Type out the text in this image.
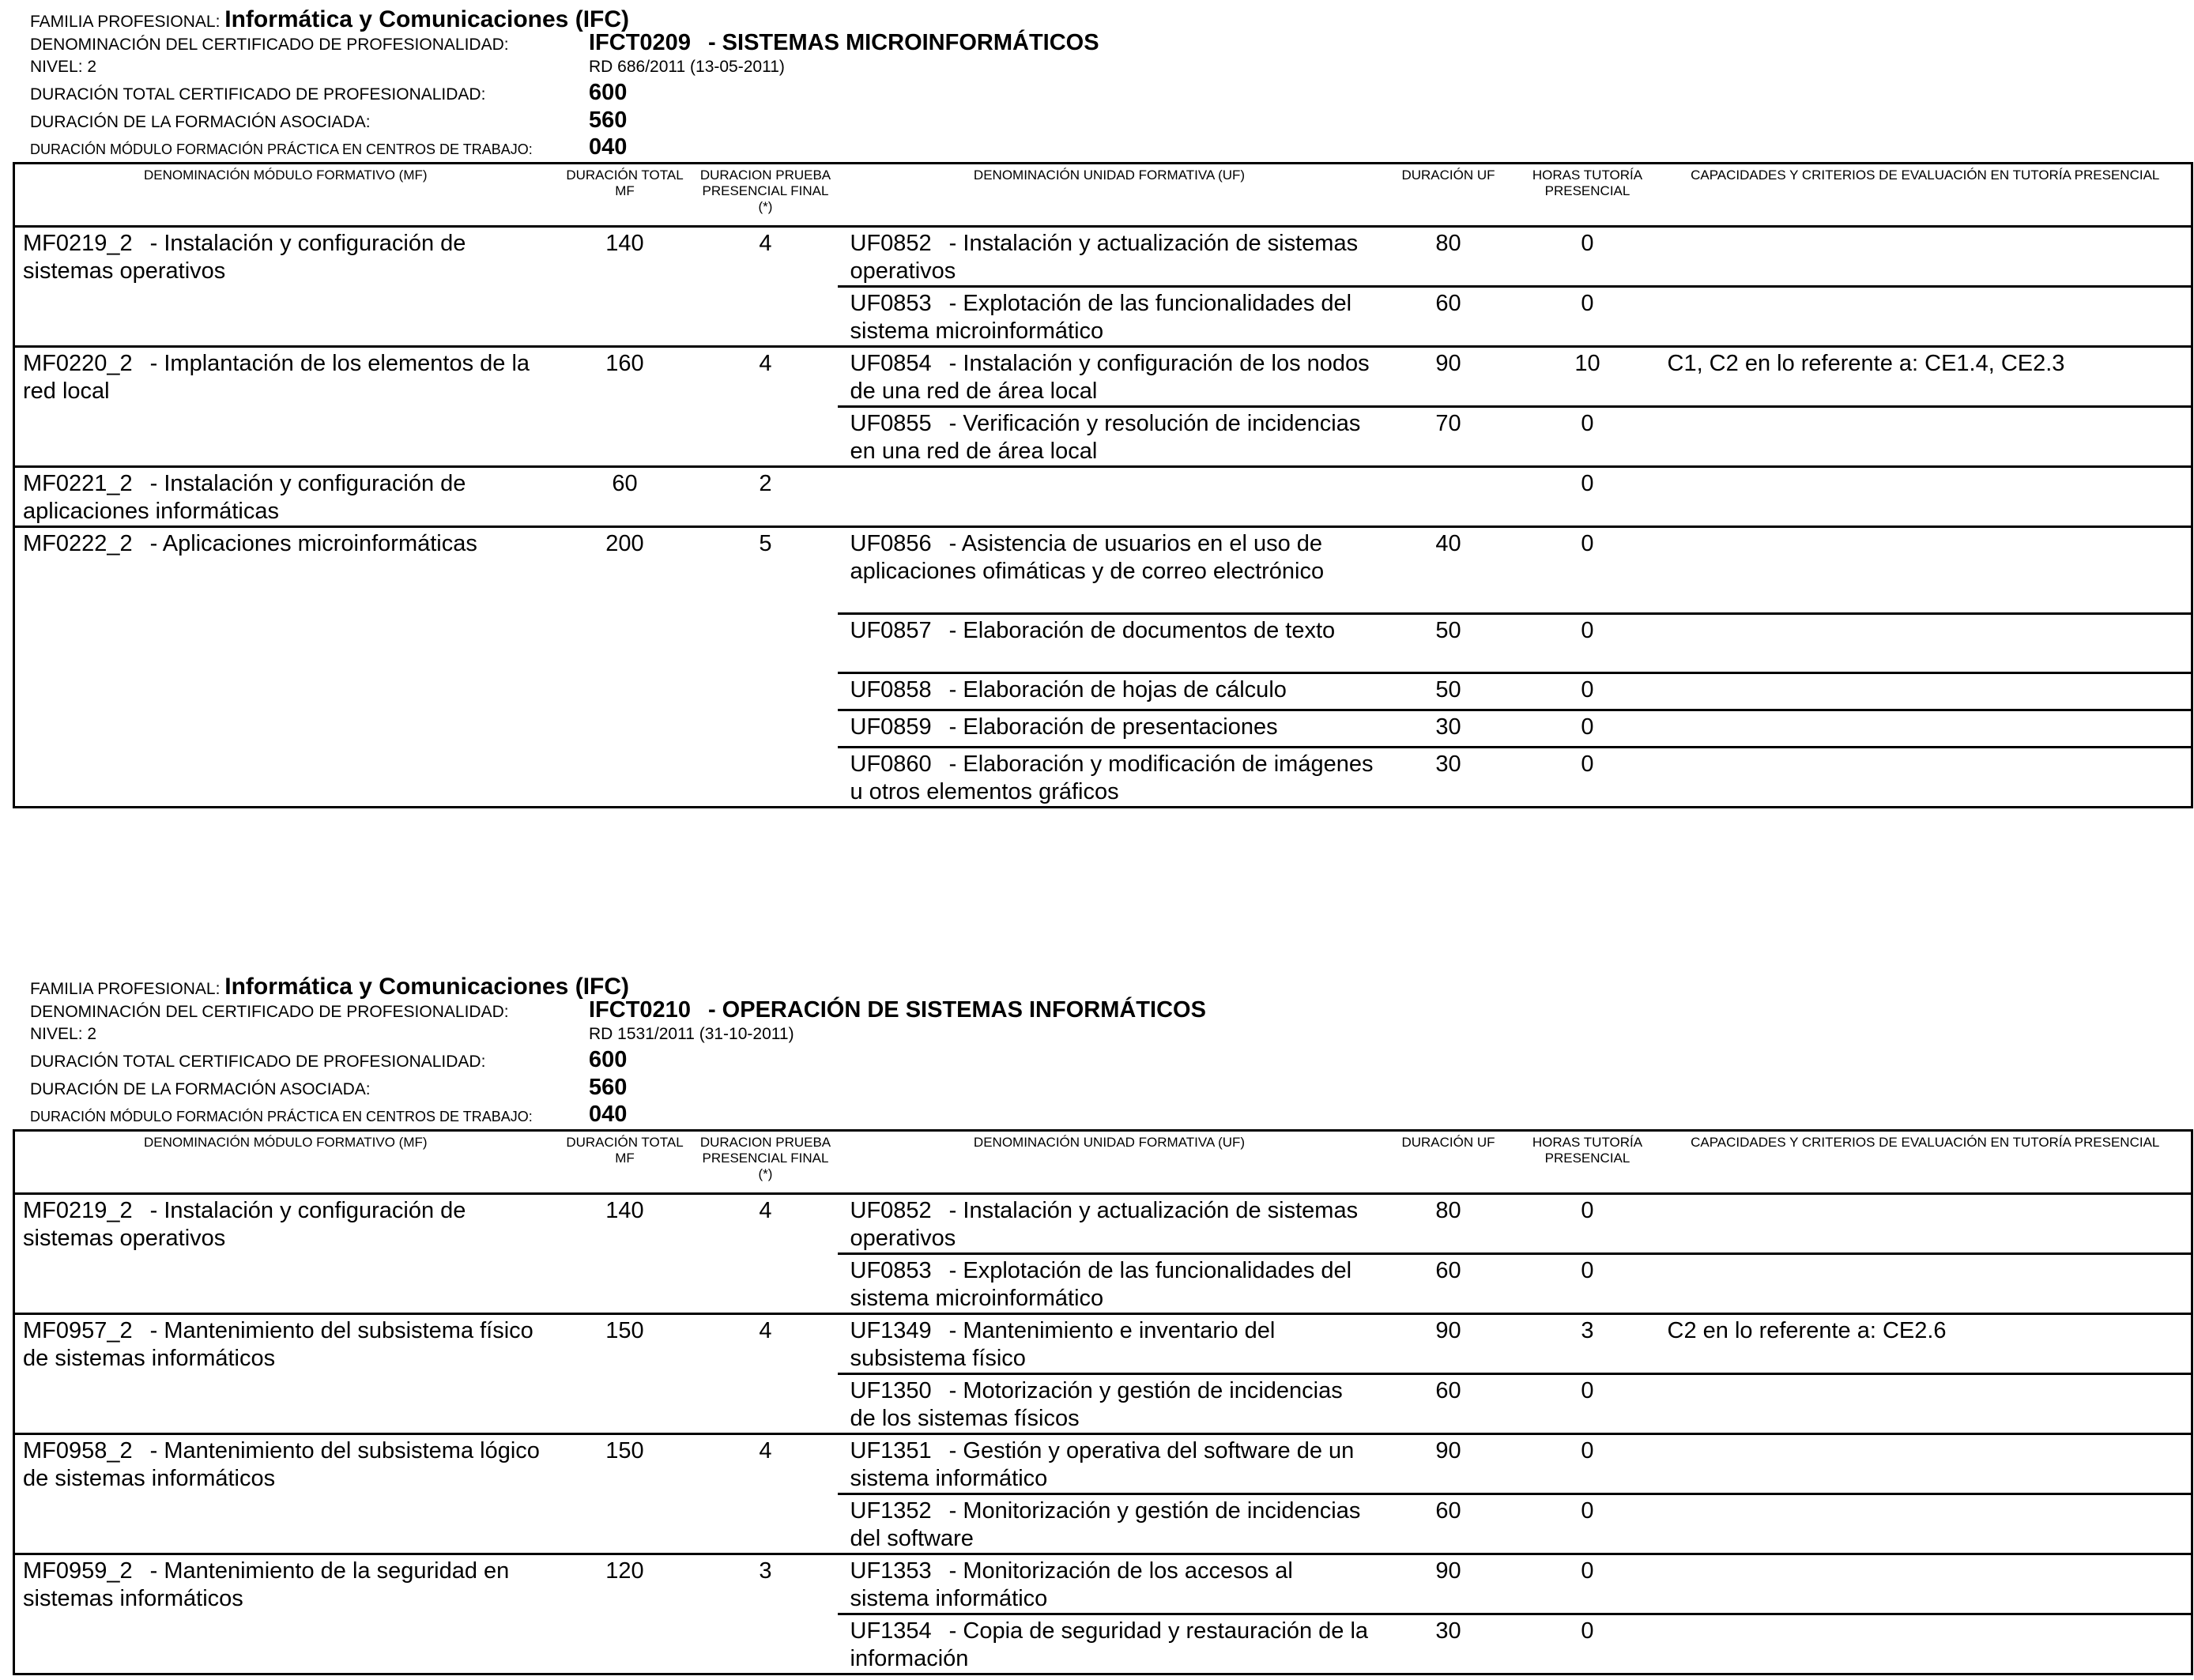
FAMILIA PROFESIONAL: Informática y Comunicaciones (IFC)
DENOMINACIÓN DEL CERTIFICADO DE PROFESIONALIDAD:	IFCT0209 - SISTEMAS MICROINFORMÁTICOS
NIVEL: 2	RD 686/2011 (13-05-2011)
DURACIÓN TOTAL CERTIFICADO DE PROFESIONALIDAD:	600
DURACIÓN DE LA FORMACIÓN ASOCIADA:	560
DURACIÓN MÓDULO FORMACIÓN PRÁCTICA EN CENTROS DE TRABAJO: 040
DENOMINACIÓN MÓDULO FORMATIVO (MF)	DURACIÓN TOTAL MF	DURACION PRUEBA PRESENCIAL FINAL (*)	DENOMINACIÓN UNIDAD FORMATIVA (UF)	DURACIÓN UF	HORAS TUTORÍA PRESENCIAL	CAPACIDADES Y CRITERIOS DE EVALUACIÓN EN TUTORÍA PRESENCIAL
MF0219_2 - Instalación y configuración de sistemas operativos	140	4	UF0852 - Instalación y actualización de sistemas operativos	80	0	
			UF0853 - Explotación de las funcionalidades del sistema microinformático	60	0	
MF0220_2 - Implantación de los elementos de la red local	160	4	UF0854 - Instalación y configuración de los nodos de una red de área local	90	10	C1, C2 en lo referente a: CE1.4, CE2.3
			UF0855 - Verificación y resolución de incidencias en una red de área local	70	0	
MF0221_2 - Instalación y configuración de aplicaciones informáticas	60	2			0	
MF0222_2 - Aplicaciones microinformáticas	200	5	UF0856 - Asistencia de usuarios en el uso de aplicaciones ofimáticas y de correo electrónico	40	0	
			UF0857 - Elaboración de documentos de texto	50	0	
			UF0858 - Elaboración de hojas de cálculo	50	0	
			UF0859 - Elaboración de presentaciones	30	0	
			UF0860 - Elaboración y modificación de imágenes u otros elementos gráficos	30	0	
FAMILIA PROFESIONAL: Informática y Comunicaciones (IFC)
DENOMINACIÓN DEL CERTIFICADO DE PROFESIONALIDAD:	IFCT0210 - OPERACIÓN DE SISTEMAS INFORMÁTICOS
NIVEL: 2	RD 1531/2011 (31-10-2011)
DURACIÓN TOTAL CERTIFICADO DE PROFESIONALIDAD:	600
DURACIÓN DE LA FORMACIÓN ASOCIADA:	560
DURACIÓN MÓDULO FORMACIÓN PRÁCTICA EN CENTROS DE TRABAJO: 040
DENOMINACIÓN MÓDULO FORMATIVO (MF)	DURACIÓN TOTAL MF	DURACION PRUEBA PRESENCIAL FINAL (*)	DENOMINACIÓN UNIDAD FORMATIVA (UF)	DURACIÓN UF	HORAS TUTORÍA PRESENCIAL	CAPACIDADES Y CRITERIOS DE EVALUACIÓN EN TUTORÍA PRESENCIAL
MF0219_2 - Instalación y configuración de sistemas operativos	140	4	UF0852 - Instalación y actualización de sistemas operativos	80	0	
			UF0853 - Explotación de las funcionalidades del sistema microinformático	60	0	
MF0957_2 - Mantenimiento del subsistema físico de sistemas informáticos	150	4	UF1349 - Mantenimiento e inventario del subsistema físico	90	3	C2 en lo referente a: CE2.6
			UF1350 - Motorización y gestión de incidencias de los sistemas físicos	60	0	
MF0958_2 - Mantenimiento del subsistema lógico de sistemas informáticos	150	4	UF1351 - Gestión y operativa del software de un sistema informático	90	0	
			UF1352 - Monitorización y gestión de incidencias del software	60	0	
MF0959_2 - Mantenimiento de la seguridad en sistemas informáticos	120	3	UF1353 - Monitorización de los accesos al sistema informático	90	0	
			UF1354 - Copia de seguridad y restauración de la información	30	0	
